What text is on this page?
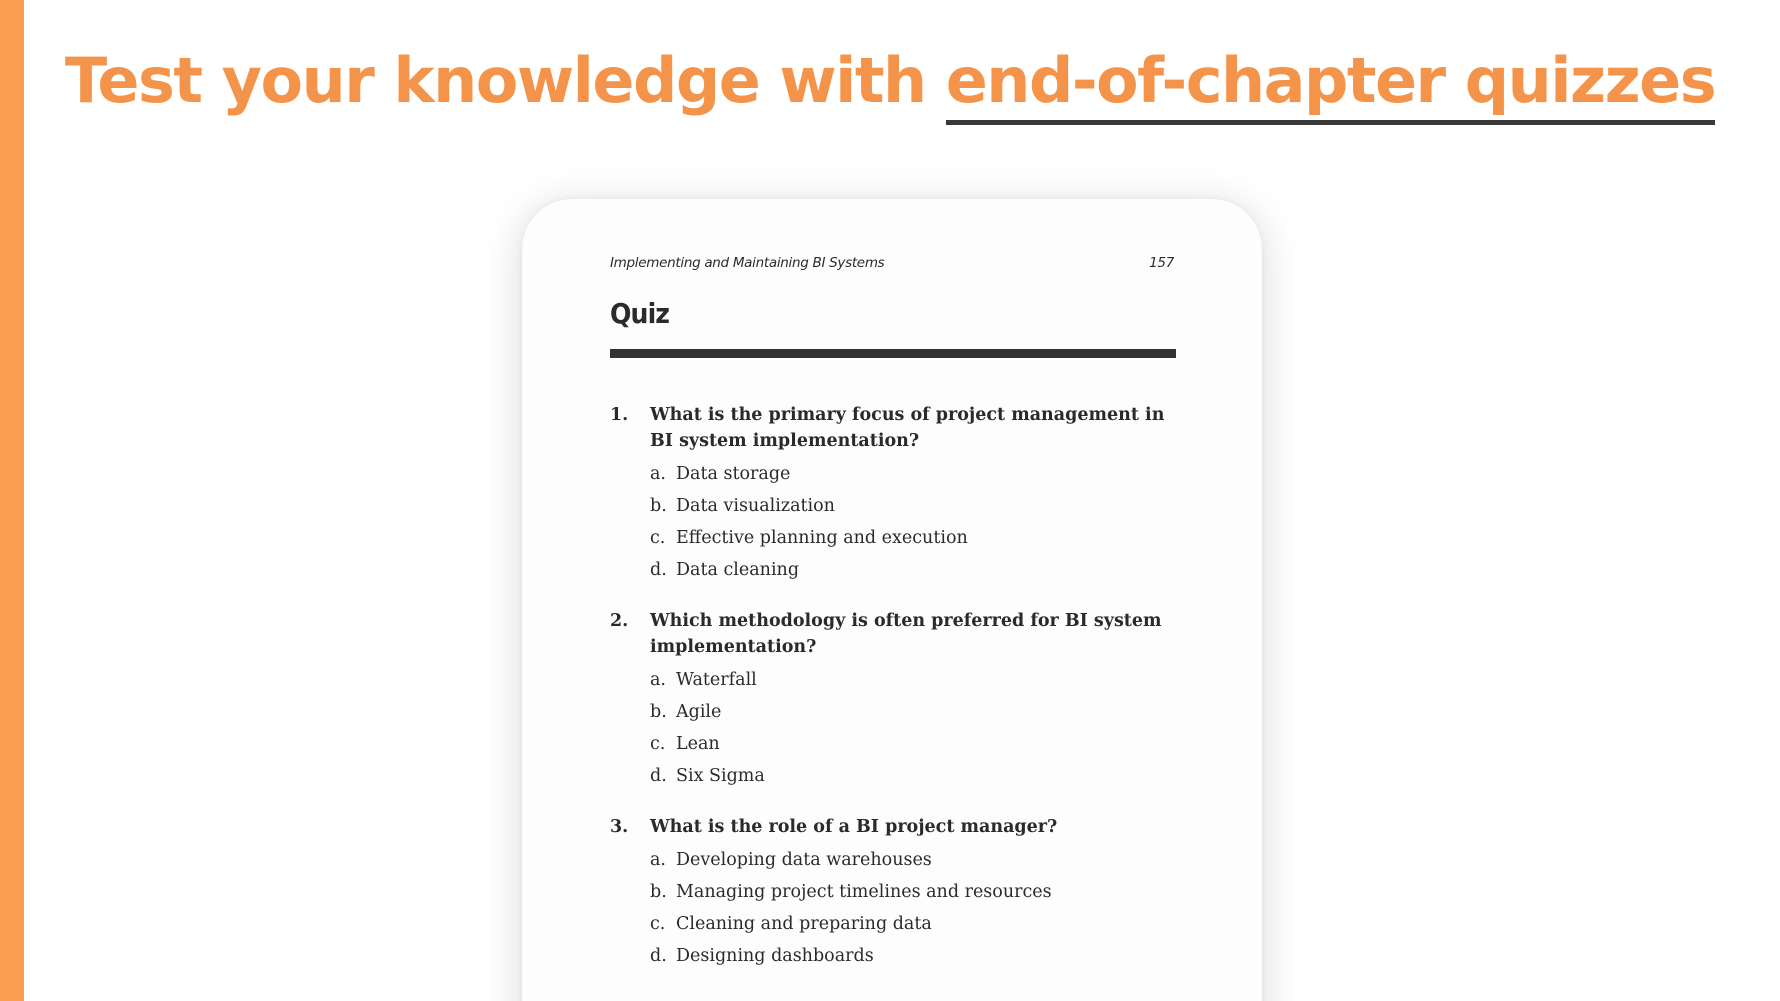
Test your knowledge with end-of-chapter quizzes
Implementing and Maintaining BI Systems	157
Quiz
1.	What is the primary focus of project management in BI system implementation?
a. Data storage
b. Data visualization
c. Effective planning and execution
d. Data cleaning
2.	Which methodology is often preferred for BI system implementation?
a. Waterfall
b. Agile
c. Lean
d. Six Sigma
3.	What is the role of a BI project manager?
a. Developing data warehouses
b. Managing project timelines and resources
c. Cleaning and preparing data
d. Designing dashboards
